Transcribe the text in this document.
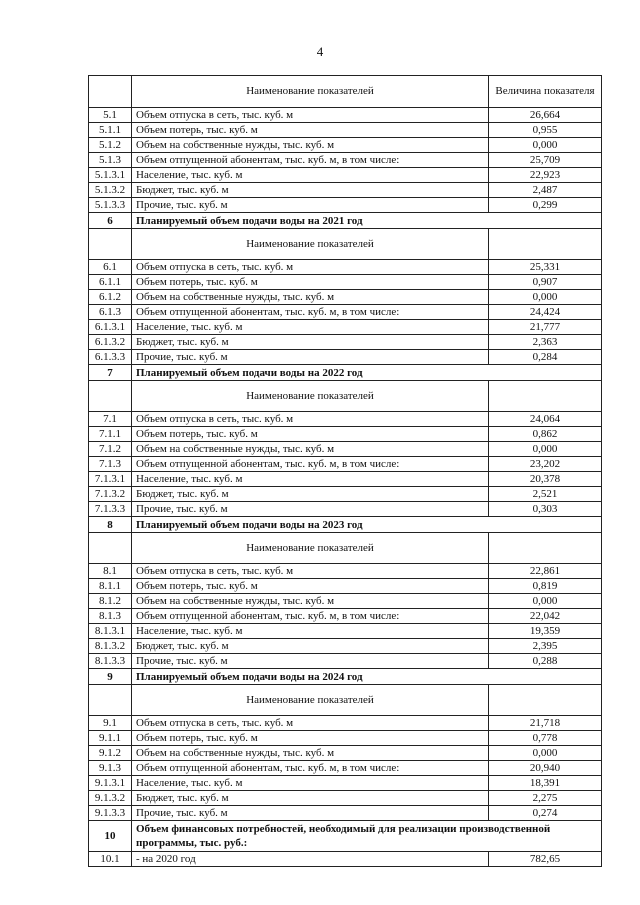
4
	Наименование показателей	Величина показателя
5.1	Объем отпуска в сеть, тыс. куб. м	26,664
5.1.1	Объем потерь, тыс. куб. м	0,955
5.1.2	Объем на собственные нужды, тыс. куб. м	0,000
5.1.3	Объем отпущенной абонентам, тыс. куб. м, в том числе:	25,709
5.1.3.1	Население, тыс. куб. м	22,923
5.1.3.2	Бюджет, тыс. куб. м	2,487
5.1.3.3	Прочие, тыс. куб. м	0,299
6	Планируемый объем подачи воды на 2021 год	
	Наименование показателей	
6.1	Объем отпуска в сеть, тыс. куб. м	25,331
6.1.1	Объем потерь, тыс. куб. м	0,907
6.1.2	Объем на собственные нужды, тыс. куб. м	0,000
6.1.3	Объем отпущенной абонентам, тыс. куб. м, в том числе:	24,424
6.1.3.1	Население, тыс. куб. м	21,777
6.1.3.2	Бюджет, тыс. куб. м	2,363
6.1.3.3	Прочие, тыс. куб. м	0,284
7	Планируемый объем подачи воды на 2022 год	
	Наименование показателей	
7.1	Объем отпуска в сеть, тыс. куб. м	24,064
7.1.1	Объем потерь, тыс. куб. м	0,862
7.1.2	Объем на собственные нужды, тыс. куб. м	0,000
7.1.3	Объем отпущенной абонентам, тыс. куб. м, в том числе:	23,202
7.1.3.1	Население, тыс. куб. м	20,378
7.1.3.2	Бюджет, тыс. куб. м	2,521
7.1.3.3	Прочие, тыс. куб. м	0,303
8	Планируемый объем подачи воды на 2023 год	
	Наименование показателей	
8.1	Объем отпуска в сеть, тыс. куб. м	22,861
8.1.1	Объем потерь, тыс. куб. м	0,819
8.1.2	Объем на собственные нужды, тыс. куб. м	0,000
8.1.3	Объем отпущенной абонентам, тыс. куб. м, в том числе:	22,042
8.1.3.1	Население, тыс. куб. м	19,359
8.1.3.2	Бюджет, тыс. куб. м	2,395
8.1.3.3	Прочие, тыс. куб. м	0,288
9	Планируемый объем подачи воды на 2024 год	
	Наименование показателей	
9.1	Объем отпуска в сеть, тыс. куб. м	21,718
9.1.1	Объем потерь, тыс. куб. м	0,778
9.1.2	Объем на собственные нужды, тыс. куб. м	0,000
9.1.3	Объем отпущенной абонентам, тыс. куб. м, в том числе:	20,940
9.1.3.1	Население, тыс. куб. м	18,391
9.1.3.2	Бюджет, тыс. куб. м	2,275
9.1.3.3	Прочие, тыс. куб. м	0,274
10	Объем финансовых потребностей, необходимый для реализации производственной программы, тыс. руб.:	
10.1	- на 2020 год	782,65
